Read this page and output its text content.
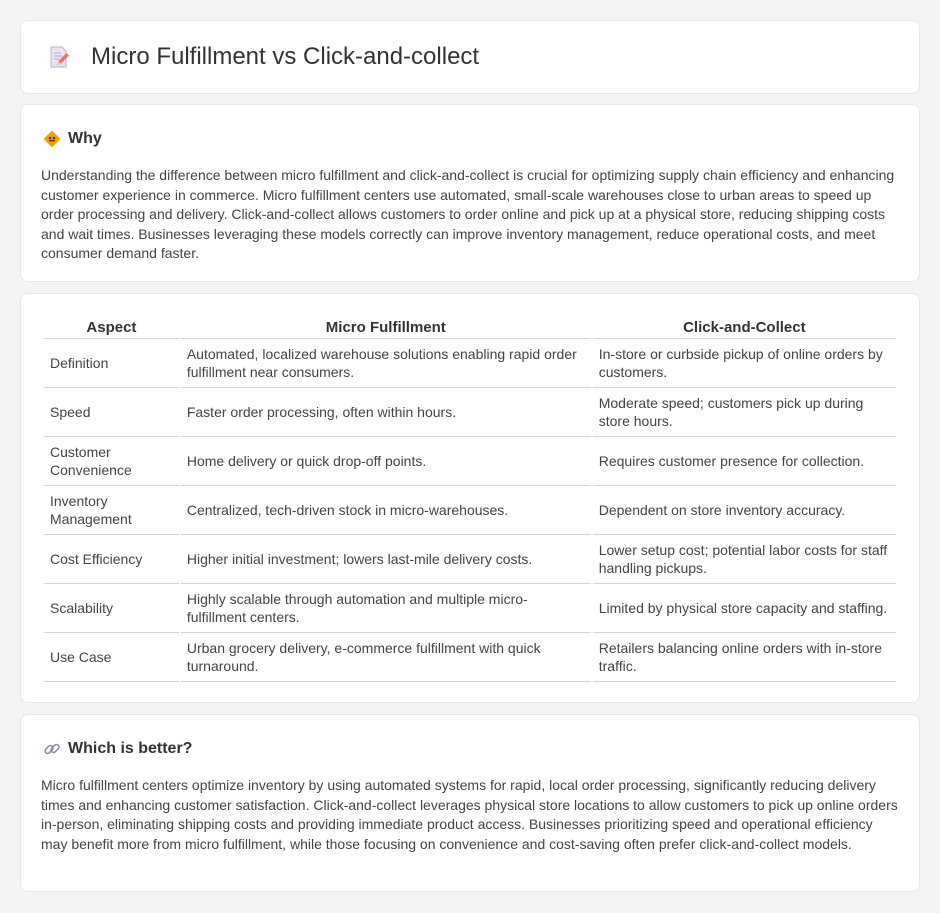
Micro Fulfillment vs Click-and-collect
Why

Understanding the difference between micro fulfillment and click-and-collect is crucial for optimizing supply chain efficiency and enhancing customer experience in commerce. Micro fulfillment centers use automated, small-scale warehouses close to urban areas to speed up order processing and delivery. Click-and-collect allows customers to order online and pick up at a physical store, reducing shipping costs and wait times. Businesses leveraging these models correctly can improve inventory management, reduce operational costs, and meet consumer demand faster.

Aspect	Micro Fulfillment	Click-and-Collect
Definition	Automated, localized warehouse solutions enabling rapid order fulfillment near consumers.	In-store or curbside pickup of online orders by customers.
Speed	Faster order processing, often within hours.	Moderate speed; customers pick up during store hours.
Customer Convenience	Home delivery or quick drop-off points.	Requires customer presence for collection.
Inventory Management	Centralized, tech-driven stock in micro-warehouses.	Dependent on store inventory accuracy.
Cost Efficiency	Higher initial investment; lowers last-mile delivery costs.	Lower setup cost; potential labor costs for staff handling pickups.
Scalability	Highly scalable through automation and multiple micro-fulfillment centers.	Limited by physical store capacity and staffing.
Use Case	Urban grocery delivery, e-commerce fulfillment with quick turnaround.	Retailers balancing online orders with in-store traffic.
Which is better?

Micro fulfillment centers optimize inventory by using automated systems for rapid, local order processing, significantly reducing delivery times and enhancing customer satisfaction. Click-and-collect leverages physical store locations to allow customers to pick up online orders in-person, eliminating shipping costs and providing immediate product access. Businesses prioritizing speed and operational efficiency may benefit more from micro fulfillment, while those focusing on convenience and cost-saving often prefer click-and-collect models.
